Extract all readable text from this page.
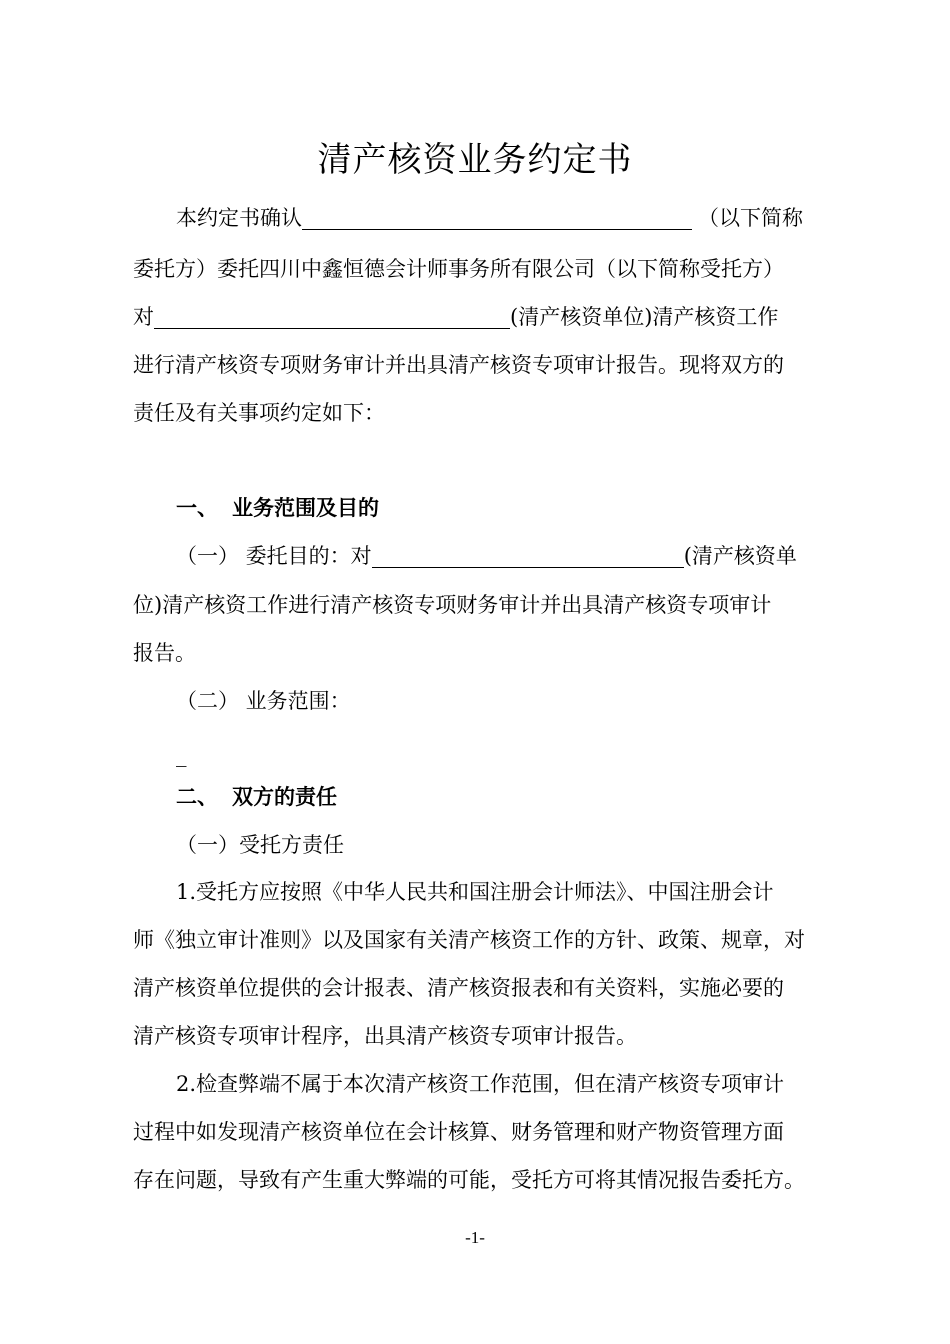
清产核资业务约定书
本约定书确认	（以下简称
委托方）委托四川中鑫恒德会计师事务所有限公司（以下简称受托方）
对	(清产核资单位)清产核资工作
进行清产核资专项财务审计并出具清产核资专项审计报告。现将双方的
责任及有关事项约定如下：
一、 业务范围及目的
（一） 委托目的：对	(清产核资单
位)清产核资工作进行清产核资专项财务审计并出具清产核资专项审计
报告。
（二） 业务范围：
_
二、 双方的责任
（一）受托方责任
1.受托方应按照《中华人民共和国注册会计师法》、中国注册会计
师《独立审计准则》以及国家有关清产核资工作的方针、政策、规章，对
清产核资单位提供的会计报表、清产核资报表和有关资料，实施必要的
清产核资专项审计程序，出具清产核资专项审计报告。
2.检查弊端不属于本次清产核资工作范围，但在清产核资专项审计
过程中如发现清产核资单位在会计核算、财务管理和财产物资管理方面
存在问题，导致有产生重大弊端的可能，受托方可将其情况报告委托方。
-1-
